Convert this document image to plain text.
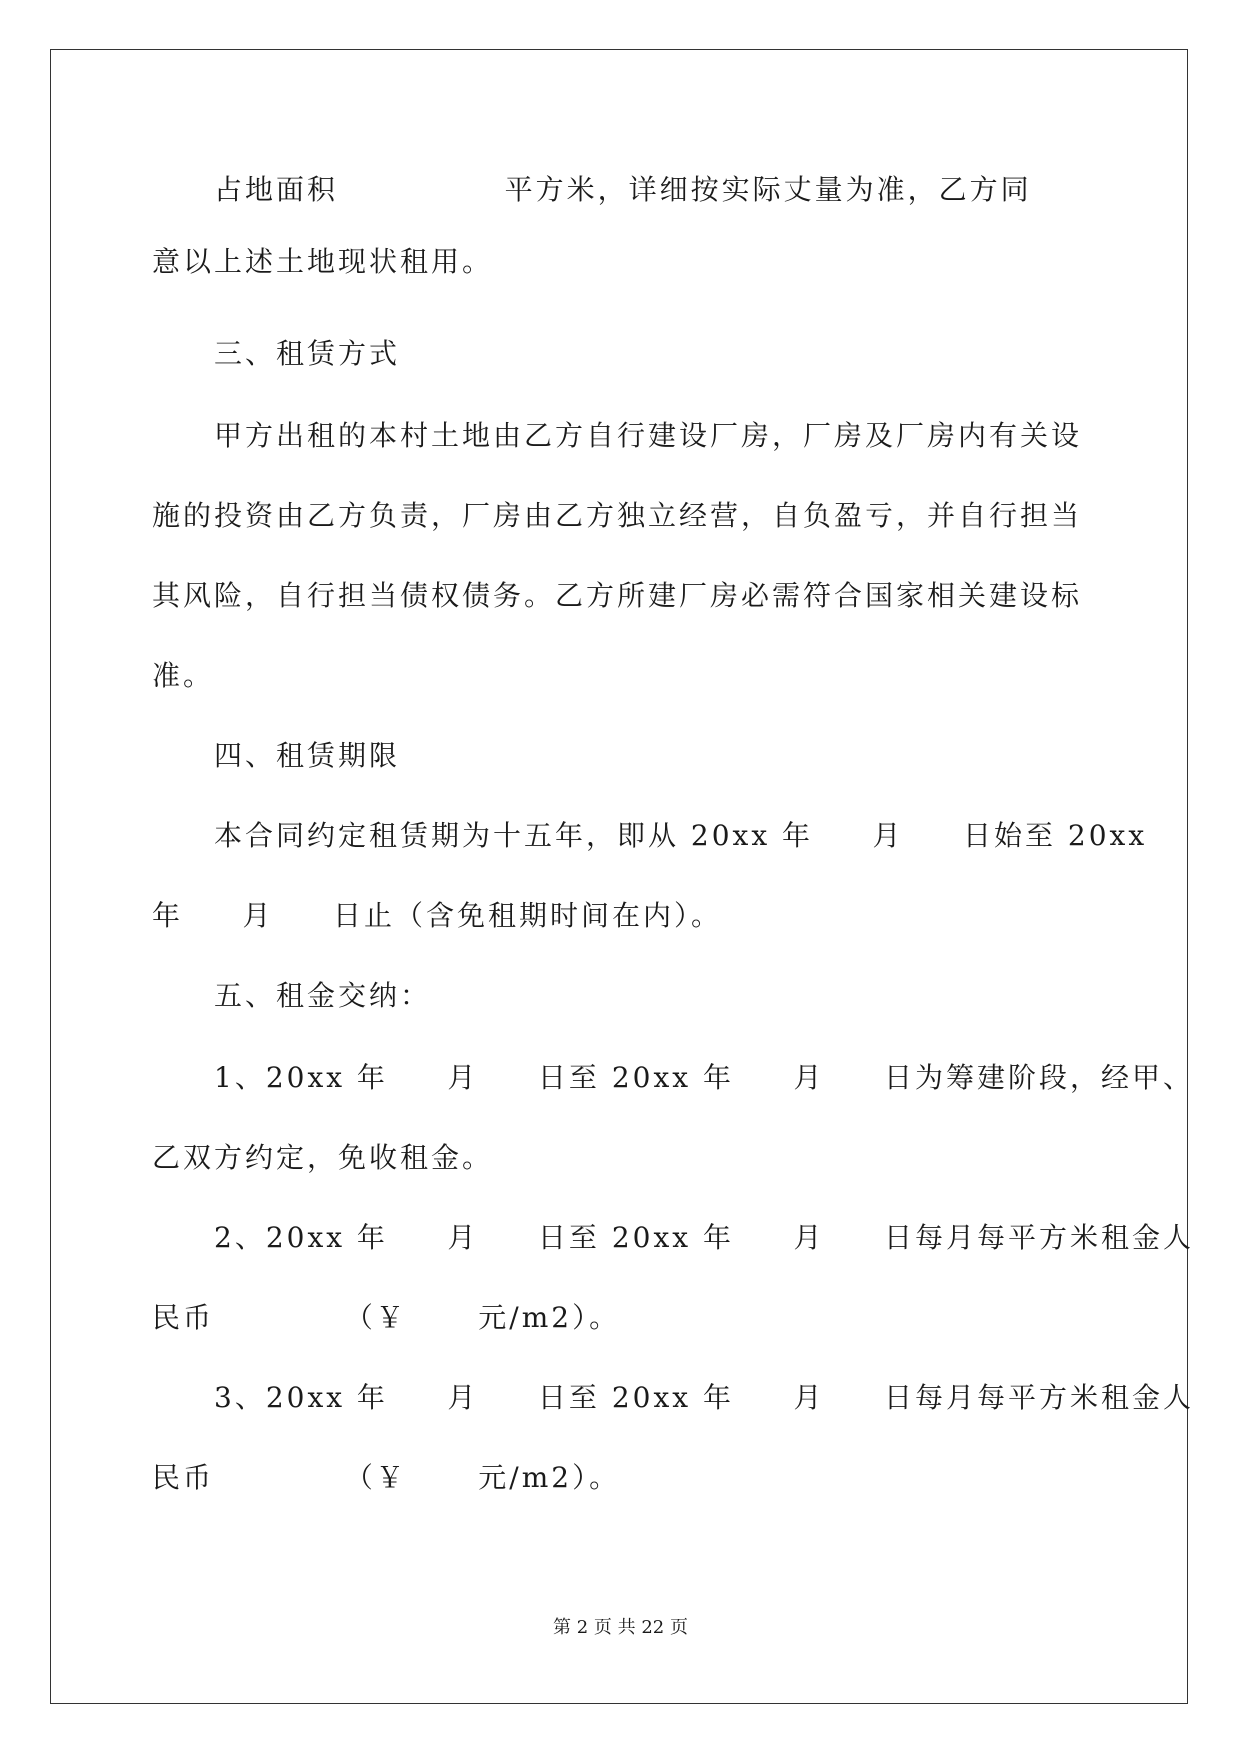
占地面积              平方米，详细按实际丈量为准，乙方同
意以上述土地现状租用。
三、租赁方式
甲方出租的本村土地由乙方自行建设厂房，厂房及厂房内有关设
施的投资由乙方负责，厂房由乙方独立经营，自负盈亏，并自行担当
其风险，自行担当债权债务。乙方所建厂房必需符合国家相关建设标
准。
四、租赁期限
本合同约定租赁期为十五年，即从 20xx 年     月     日始至 20xx
年     月     日止（含免租期时间在内）。
五、租金交纳：
1、20xx 年     月     日至 20xx 年     月     日为筹建阶段，经甲、
乙双方约定，免收租金。
2、20xx 年     月     日至 20xx 年     月     日每月每平方米租金人
民币           （￥      元/m2）。
3、20xx 年     月     日至 20xx 年     月     日每月每平方米租金人
民币           （￥      元/m2）。
第 2 页 共 22 页
